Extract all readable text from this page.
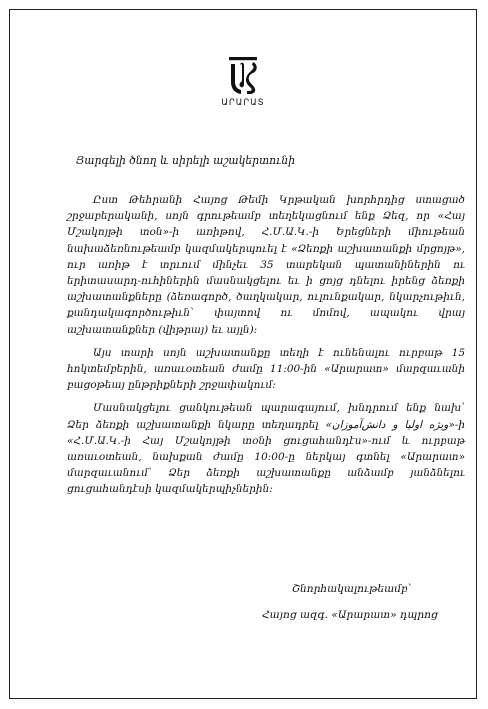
ԱՐԱՐԱՏ
Յարգելի ծնող և սիրելի աշակերտունի

Ըստ Թեհրանի Հայոց Թեմի Կրթական խորհրդից ստացած շրջաբերականի, սոյն գրութեամբ տեղեկացնում ենք Ձեզ, որ «Հայ Մշակոյթի տօն»-ի առիթով, Հ.Մ.Ա.Կ.-ի Երեցների միութեան նախաձեռնութեամբ կազմակերպուել է «Ձեռքի աշխատանքի մրցոյթ», ուր առիթ է տրւում մինչեւ 35 տարեկան պատանիներին ու երիտասարդ-ուհիներին մասնակցելու եւ ի ցոյց դնելու իրենց ձեռքի աշխատանքները (ձեռագործ, ծաղկակար, ուլունքակար, նկարչութիւն, քանդակագործութիւն՝ փայտով ու մոմով, ապակու վրայ աշխատանքներ (վիթրայ) եւ այլն):

Այս տարի սոյն աշխատանքը տեղի է ունենալու ուրբաթ 15 հոկտեմբերին, առաւօտեան ժամը 11:00-ին «Արարատ» մարզաւանի բացօթեայ ընթրիքների շրջափակում:

Մասնակցելու ցանկութեան պարագայում, խնդրում ենք նախ՝ Ձեր ձեռքի աշխատանքի նկարը տեղադրել «ویژه اولیا و دانش‌آموزان»-ի «Հ.Մ.Ա.Կ.-ի Հայ Մշակոյթի տօնի ցուցահանդէս»-ում և ուրբաթ առաւօտեան, նախքան ժամը 10:00-ը ներկայ գտնել «Արարատ» մարզաւանում՝ Ձեր ձեռքի աշխատանքը անձամբ յանձնելու ցուցահանդէսի կազմակերպիչներին:

Շնորհակալութեամբ՝
Հայոց ազգ. «Արարատ» դպրոց
